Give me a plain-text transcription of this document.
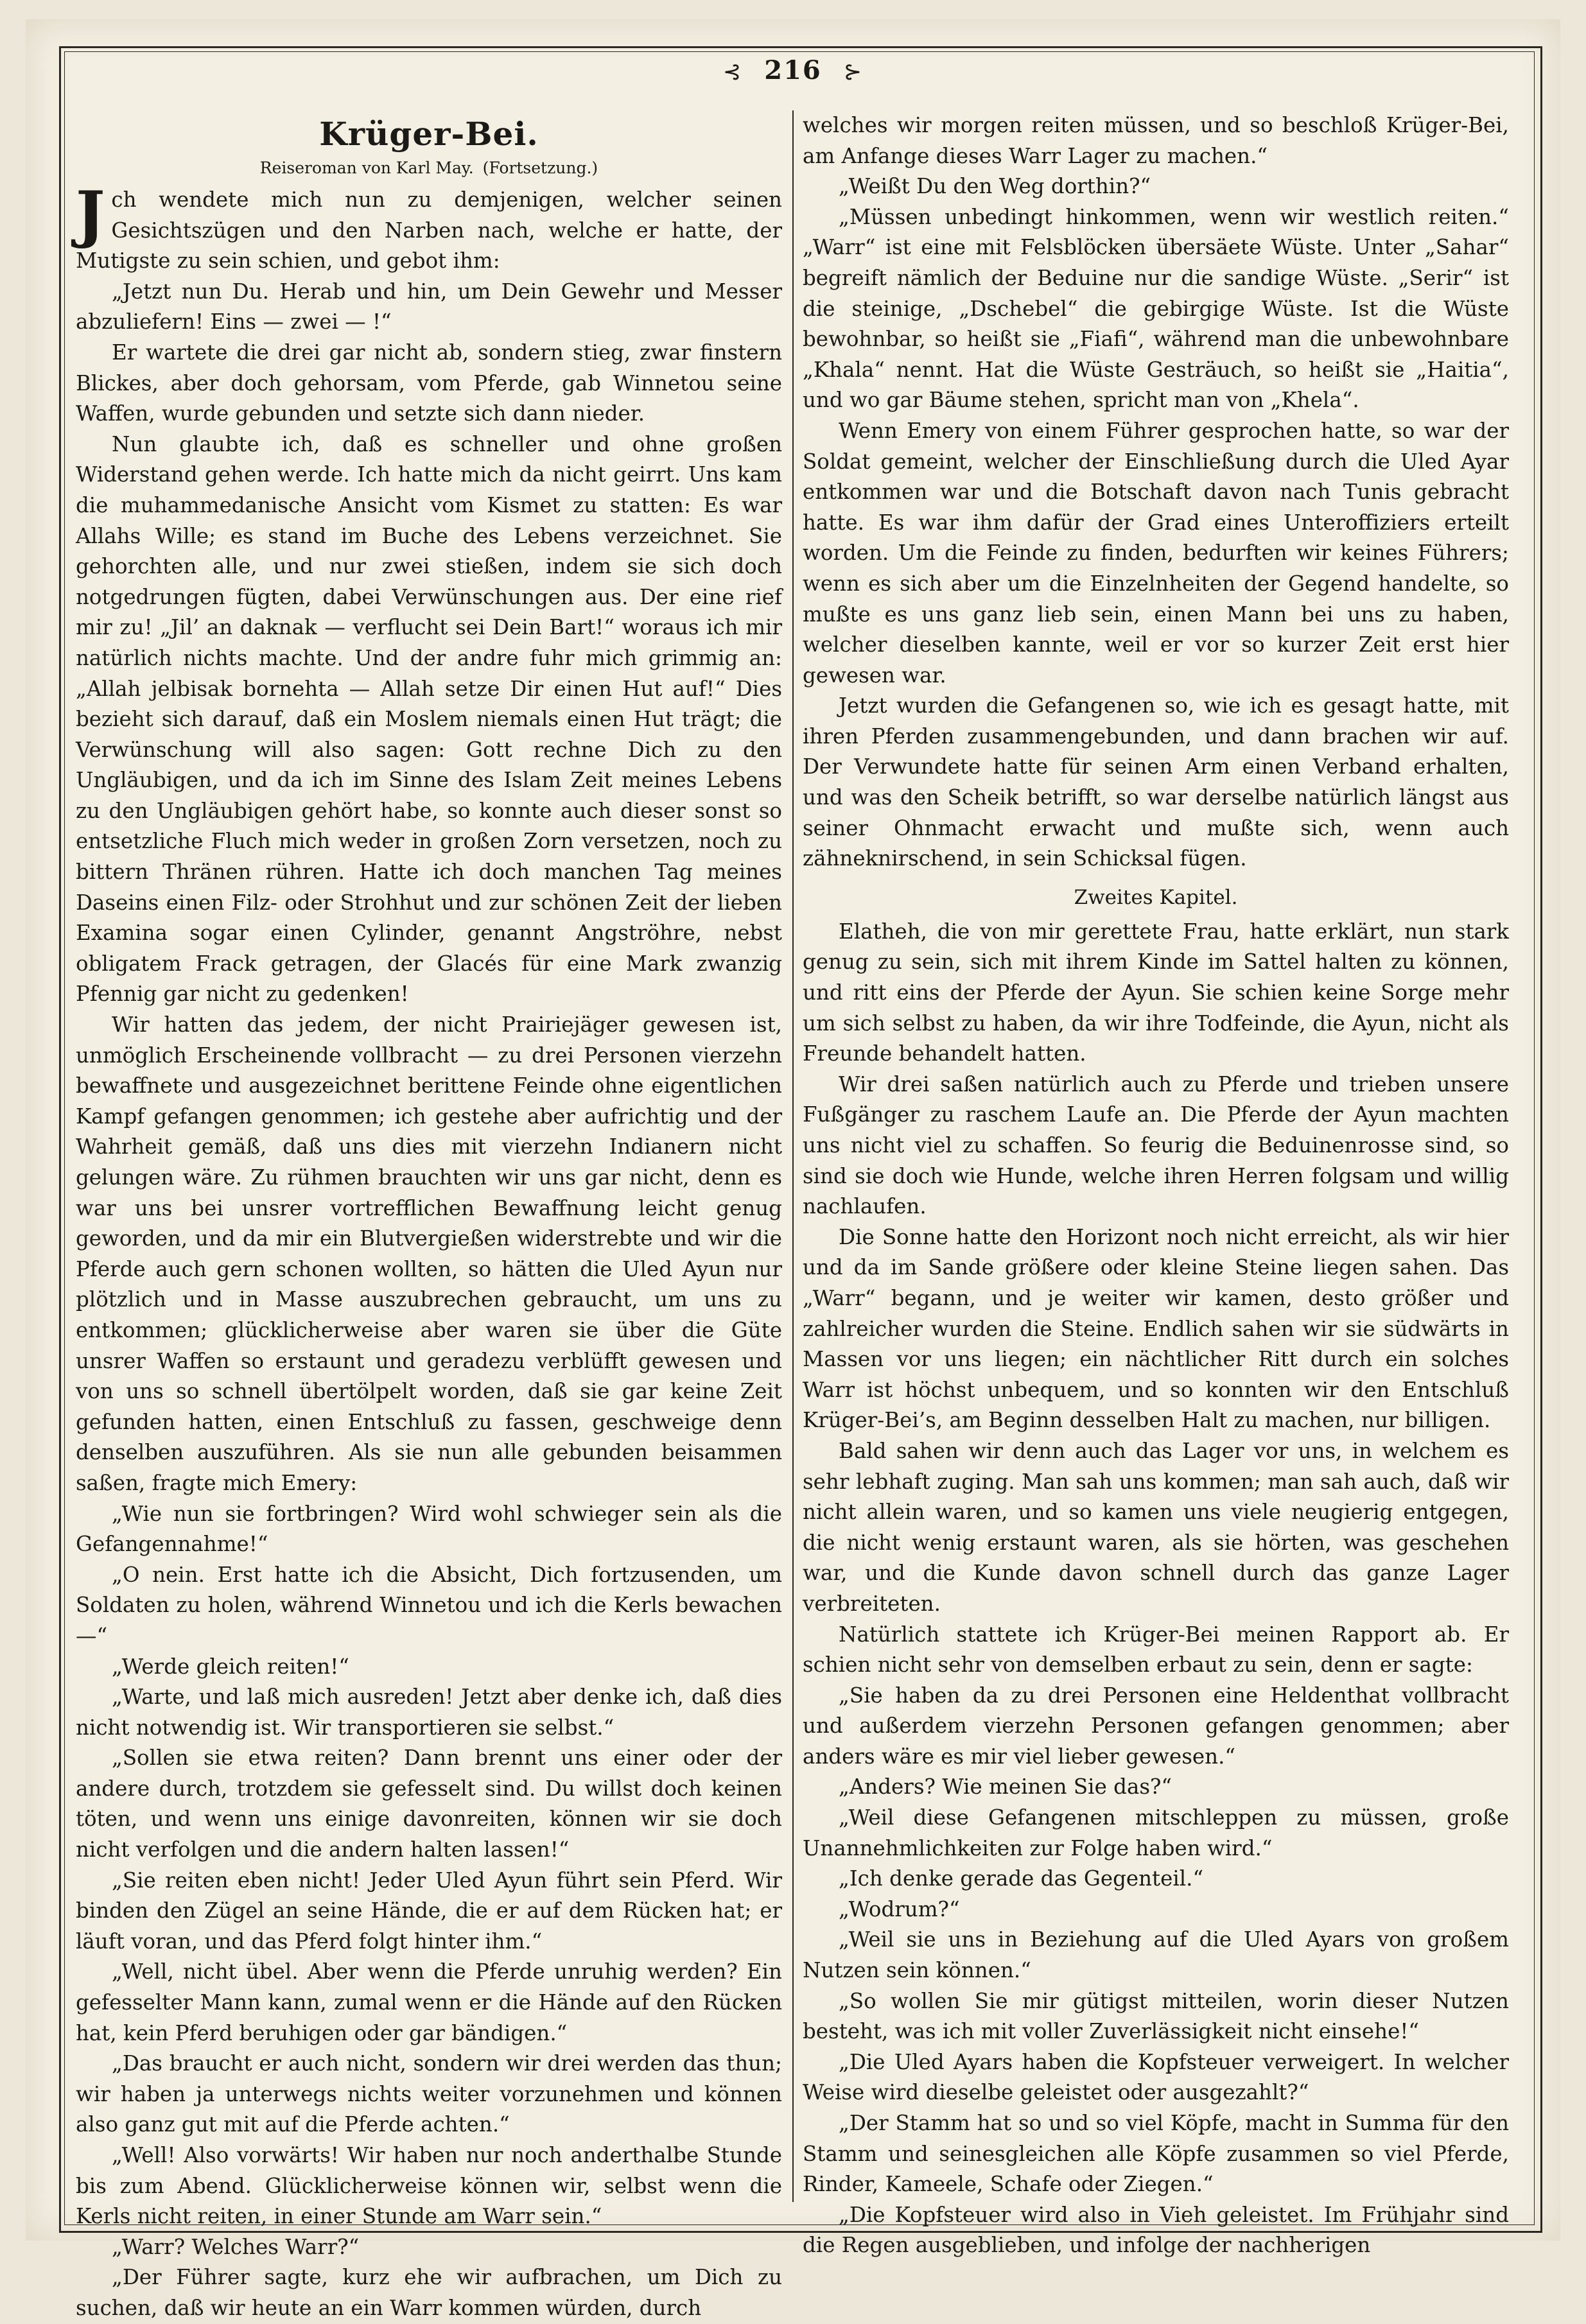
⊰ 216 ⊱
Krüger-Bei.
Reiseroman von Karl May. (Fortsetzung.)

Jch wendete mich nun zu demjenigen, welcher seinen Gesichtszügen und den Narben nach, welche er hatte, der Mutigste zu sein schien, und gebot ihm:

„Jetzt nun Du. Herab und hin, um Dein Gewehr und Messer abzuliefern! Eins — zwei — !“

Er wartete die drei gar nicht ab, sondern stieg, zwar finstern Blickes, aber doch gehorsam, vom Pferde, gab Winnetou seine Waffen, wurde gebunden und setzte sich dann nieder.

Nun glaubte ich, daß es schneller und ohne großen Widerstand gehen werde. Ich hatte mich da nicht geirrt. Uns kam die muhammedanische Ansicht vom Kismet zu statten: Es war Allahs Wille; es stand im Buche des Lebens verzeichnet. Sie gehorchten alle, und nur zwei stießen, indem sie sich doch notgedrungen fügten, dabei Verwünschungen aus. Der eine rief mir zu! „Jil’ an daknak — verflucht sei Dein Bart!“ woraus ich mir natürlich nichts machte. Und der andre fuhr mich grimmig an: „Allah jelbisak bornehta — Allah setze Dir einen Hut auf!“ Dies bezieht sich darauf, daß ein Moslem niemals einen Hut trägt; die Verwünschung will also sagen: Gott rechne Dich zu den Ungläubigen, und da ich im Sinne des Islam Zeit meines Lebens zu den Ungläubigen gehört habe, so konnte auch dieser sonst so entsetzliche Fluch mich weder in großen Zorn versetzen, noch zu bittern Thränen rühren. Hatte ich doch manchen Tag meines Daseins einen Filz- oder Strohhut und zur schönen Zeit der lieben Examina sogar einen Cylinder, genannt Angströhre, nebst obligatem Frack getragen, der Glacés für eine Mark zwanzig Pfennig gar nicht zu gedenken!

Wir hatten das jedem, der nicht Prairiejäger gewesen ist, unmöglich Erscheinende vollbracht — zu drei Personen vierzehn bewaffnete und ausgezeichnet berittene Feinde ohne eigentlichen Kampf gefangen genommen; ich gestehe aber aufrichtig und der Wahrheit gemäß, daß uns dies mit vierzehn Indianern nicht gelungen wäre. Zu rühmen brauchten wir uns gar nicht, denn es war uns bei unsrer vortrefflichen Bewaffnung leicht genug geworden, und da mir ein Blutvergießen widerstrebte und wir die Pferde auch gern schonen wollten, so hätten die Uled Ayun nur plötzlich und in Masse auszubrechen gebraucht, um uns zu entkommen; glücklicherweise aber waren sie über die Güte unsrer Waffen so erstaunt und geradezu verblüfft gewesen und von uns so schnell übertölpelt worden, daß sie gar keine Zeit gefunden hatten, einen Entschluß zu fassen, geschweige denn denselben auszuführen. Als sie nun alle gebunden beisammen saßen, fragte mich Emery:

„Wie nun sie fortbringen? Wird wohl schwieger sein als die Gefangennahme!“

„O nein. Erst hatte ich die Absicht, Dich fortzusenden, um Soldaten zu holen, während Winnetou und ich die Kerls bewachen —“

„Werde gleich reiten!“

„Warte, und laß mich ausreden! Jetzt aber denke ich, daß dies nicht notwendig ist. Wir transportieren sie selbst.“

„Sollen sie etwa reiten? Dann brennt uns einer oder der andere durch, trotzdem sie gefesselt sind. Du willst doch keinen töten, und wenn uns einige davonreiten, können wir sie doch nicht verfolgen und die andern halten lassen!“

„Sie reiten eben nicht! Jeder Uled Ayun führt sein Pferd. Wir binden den Zügel an seine Hände, die er auf dem Rücken hat; er läuft voran, und das Pferd folgt hinter ihm.“

„Well, nicht übel. Aber wenn die Pferde unruhig werden? Ein gefesselter Mann kann, zumal wenn er die Hände auf den Rücken hat, kein Pferd beruhigen oder gar bändigen.“

„Das braucht er auch nicht, sondern wir drei werden das thun; wir haben ja unterwegs nichts weiter vorzunehmen und können also ganz gut mit auf die Pferde achten.“

„Well! Also vorwärts! Wir haben nur noch anderthalbe Stunde bis zum Abend. Glücklicherweise können wir, selbst wenn die Kerls nicht reiten, in einer Stunde am Warr sein.“

„Warr? Welches Warr?“

„Der Führer sagte, kurz ehe wir aufbrachen, um Dich zu suchen, daß wir heute an ein Warr kommen würden, durch

welches wir morgen reiten müssen, und so beschloß Krüger-Bei, am Anfange dieses Warr Lager zu machen.“

„Weißt Du den Weg dorthin?“

„Müssen unbedingt hinkommen, wenn wir westlich reiten.“ „Warr“ ist eine mit Felsblöcken übersäete Wüste. Unter „Sahar“ begreift nämlich der Beduine nur die sandige Wüste. „Serir“ ist die steinige, „Dschebel“ die gebirgige Wüste. Ist die Wüste bewohnbar, so heißt sie „Fiafi“, während man die unbewohnbare „Khala“ nennt. Hat die Wüste Gesträuch, so heißt sie „Haitia“, und wo gar Bäume stehen, spricht man von „Khela“.

Wenn Emery von einem Führer gesprochen hatte, so war der Soldat gemeint, welcher der Einschließung durch die Uled Ayar entkommen war und die Botschaft davon nach Tunis gebracht hatte. Es war ihm dafür der Grad eines Unteroffiziers erteilt worden. Um die Feinde zu finden, bedurften wir keines Führers; wenn es sich aber um die Einzelnheiten der Gegend handelte, so mußte es uns ganz lieb sein, einen Mann bei uns zu haben, welcher dieselben kannte, weil er vor so kurzer Zeit erst hier gewesen war.

Jetzt wurden die Gefangenen so, wie ich es gesagt hatte, mit ihren Pferden zusammengebunden, und dann brachen wir auf. Der Verwundete hatte für seinen Arm einen Verband erhalten, und was den Scheik betrifft, so war derselbe natürlich längst aus seiner Ohnmacht erwacht und mußte sich, wenn auch zähneknirschend, in sein Schicksal fügen.

Zweites Kapitel.

Elatheh, die von mir gerettete Frau, hatte erklärt, nun stark genug zu sein, sich mit ihrem Kinde im Sattel halten zu können, und ritt eins der Pferde der Ayun. Sie schien keine Sorge mehr um sich selbst zu haben, da wir ihre Todfeinde, die Ayun, nicht als Freunde behandelt hatten.

Wir drei saßen natürlich auch zu Pferde und trieben unsere Fußgänger zu raschem Laufe an. Die Pferde der Ayun machten uns nicht viel zu schaffen. So feurig die Beduinenrosse sind, so sind sie doch wie Hunde, welche ihren Herren folgsam und willig nachlaufen.

Die Sonne hatte den Horizont noch nicht erreicht, als wir hier und da im Sande größere oder kleine Steine liegen sahen. Das „Warr“ begann, und je weiter wir kamen, desto größer und zahlreicher wurden die Steine. Endlich sahen wir sie südwärts in Massen vor uns liegen; ein nächtlicher Ritt durch ein solches Warr ist höchst unbequem, und so konnten wir den Entschluß Krüger-Bei’s, am Beginn desselben Halt zu machen, nur billigen.

Bald sahen wir denn auch das Lager vor uns, in welchem es sehr lebhaft zuging. Man sah uns kommen; man sah auch, daß wir nicht allein waren, und so kamen uns viele neugierig entgegen, die nicht wenig erstaunt waren, als sie hörten, was geschehen war, und die Kunde davon schnell durch das ganze Lager verbreiteten.

Natürlich stattete ich Krüger-Bei meinen Rapport ab. Er schien nicht sehr von demselben erbaut zu sein, denn er sagte:

„Sie haben da zu drei Personen eine Heldenthat vollbracht und außerdem vierzehn Personen gefangen genommen; aber anders wäre es mir viel lieber gewesen.“

„Anders? Wie meinen Sie das?“

„Weil diese Gefangenen mitschleppen zu müssen, große Unannehmlichkeiten zur Folge haben wird.“

„Ich denke gerade das Gegenteil.“

„Wodrum?“

„Weil sie uns in Beziehung auf die Uled Ayars von großem Nutzen sein können.“

„So wollen Sie mir gütigst mitteilen, worin dieser Nutzen besteht, was ich mit voller Zuverlässigkeit nicht einsehe!“

„Die Uled Ayars haben die Kopfsteuer verweigert. In welcher Weise wird dieselbe geleistet oder ausgezahlt?“

„Der Stamm hat so und so viel Köpfe, macht in Summa für den Stamm und seinesgleichen alle Köpfe zusammen so viel Pferde, Rinder, Kameele, Schafe oder Ziegen.“

„Die Kopfsteuer wird also in Vieh geleistet. Im Frühjahr sind die Regen ausgeblieben, und infolge der nachherigen
